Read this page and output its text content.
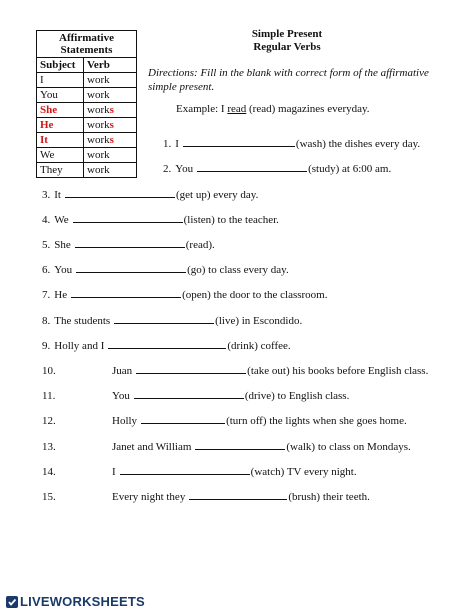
Affirmative Statements	
Subject	Verb
I	work
You	work
She	works
He	works
It	works
We	work
They	work
Simple Present
Regular Verbs
Directions: Fill in the blank with correct form of the affirmative simple present.
Example: I read (read) magazines everyday.
1. I	(wash) the dishes every day.
2. You	(study) at 6:00 am.
3. It	(get up) every day.
4. We	(listen) to the teacher.
5. She	(read).
6. You	(go) to class every day.
7. He	(open) the door to the classroom.
8. The students	(live) in Escondido.
9. Holly and I	(drink) coffee.
10.	Juan	(take out) his books before English class.
11.	You	(drive) to English class.
12.	Holly	(turn off) the lights when she goes home.
13.	Janet and William	(walk) to class on Mondays.
14.	I	(watch) TV every night.
15.	Every night they	(brush) their teeth.
LIVEWORKSHEETS
